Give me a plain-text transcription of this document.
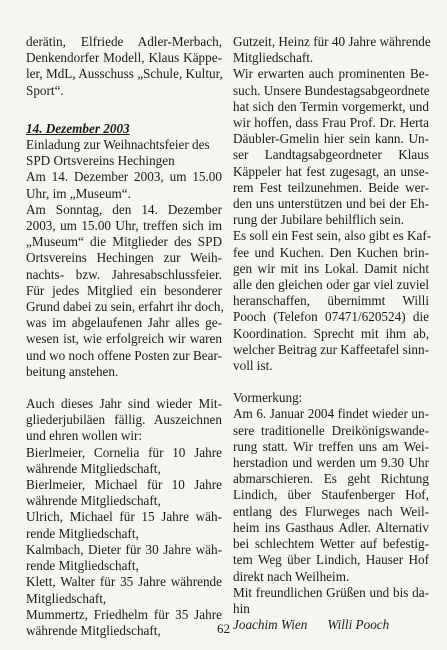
derätin, Elfriede Adler-Merbach,
Denkendorfer Modell, Klaus Käppe-
ler, MdL, Ausschuss „Schule, Kultur,
Sport“.
14. Dezember 2003
Einladung zur Weihnachtsfeier des
SPD Ortsvereins Hechingen
Am 14. Dezember 2003, um 15.00
Uhr, im „Museum“.
Am Sonntag, den 14. Dezember
2003, um 15.00 Uhr, treffen sich im
„Museum“ die Mitglieder des SPD
Ortsvereins Hechingen zur Weih-
nachts- bzw. Jahresabschlussfeier.
Für jedes Mitglied ein besonderer
Grund dabei zu sein, erfahrt ihr doch,
was im abgelaufenen Jahr alles ge-
wesen ist, wie erfolgreich wir waren
und wo noch offene Posten zur Bear-
beitung anstehen.
Auch dieses Jahr sind wieder Mit-
gliederjubiläen fällig. Auszeichnen
und ehren wollen wir:
Bierlmeier, Cornelia für 10 Jahre
währende Mitgliedschaft,
Bierlmeier, Michael für 10 Jahre
währende Mitgliedschaft,
Ulrich, Michael für 15 Jahre wäh-
rende Mitgliedschaft,
Kalmbach, Dieter für 30 Jahre wäh-
rende Mitgliedschaft,
Klett, Walter für 35 Jahre währende
Mitgliedschaft,
Mummertz, Friedhelm für 35 Jahre
währende Mitgliedschaft,
Gutzeit, Heinz für 40 Jahre währende
Mitgliedschaft.
Wir erwarten auch prominenten Be-
such. Unsere Bundestagsabgeordnete
hat sich den Termin vorgemerkt, und
wir hoffen, dass Frau Prof. Dr. Herta
Däubler-Gmelin hier sein kann. Un-
ser Landtagsabgeordneter Klaus
Käppeler hat fest zugesagt, an unse-
rem Fest teilzunehmen. Beide wer-
den uns unterstützen und bei der Eh-
rung der Jubilare behilflich sein.
Es soll ein Fest sein, also gibt es Kaf-
fee und Kuchen. Den Kuchen brin-
gen wir mit ins Lokal. Damit nicht
alle den gleichen oder gar viel zuviel
heranschaffen, übernimmt Willi
Pooch (Telefon 07471/620524) die
Koordination. Sprecht mit ihm ab,
welcher Beitrag zur Kaffeetafel sinn-
voll ist.
Vormerkung:
Am 6. Januar 2004 findet wieder un-
sere traditionelle Dreikönigswande-
rung statt. Wir treffen uns am Wei-
herstadion und werden um 9.30 Uhr
abmarschieren. Es geht Richtung
Lindich, über Staufenberger Hof,
entlang des Flurweges nach Weil-
heim ins Gasthaus Adler. Alternativ
bei schlechtem Wetter auf befestig-
tem Weg über Lindich, Hauser Hof
direkt nach Weilheim.
Mit freundlichen Grüßen und bis da-
hin
Joachim Wien Willi Pooch
62
